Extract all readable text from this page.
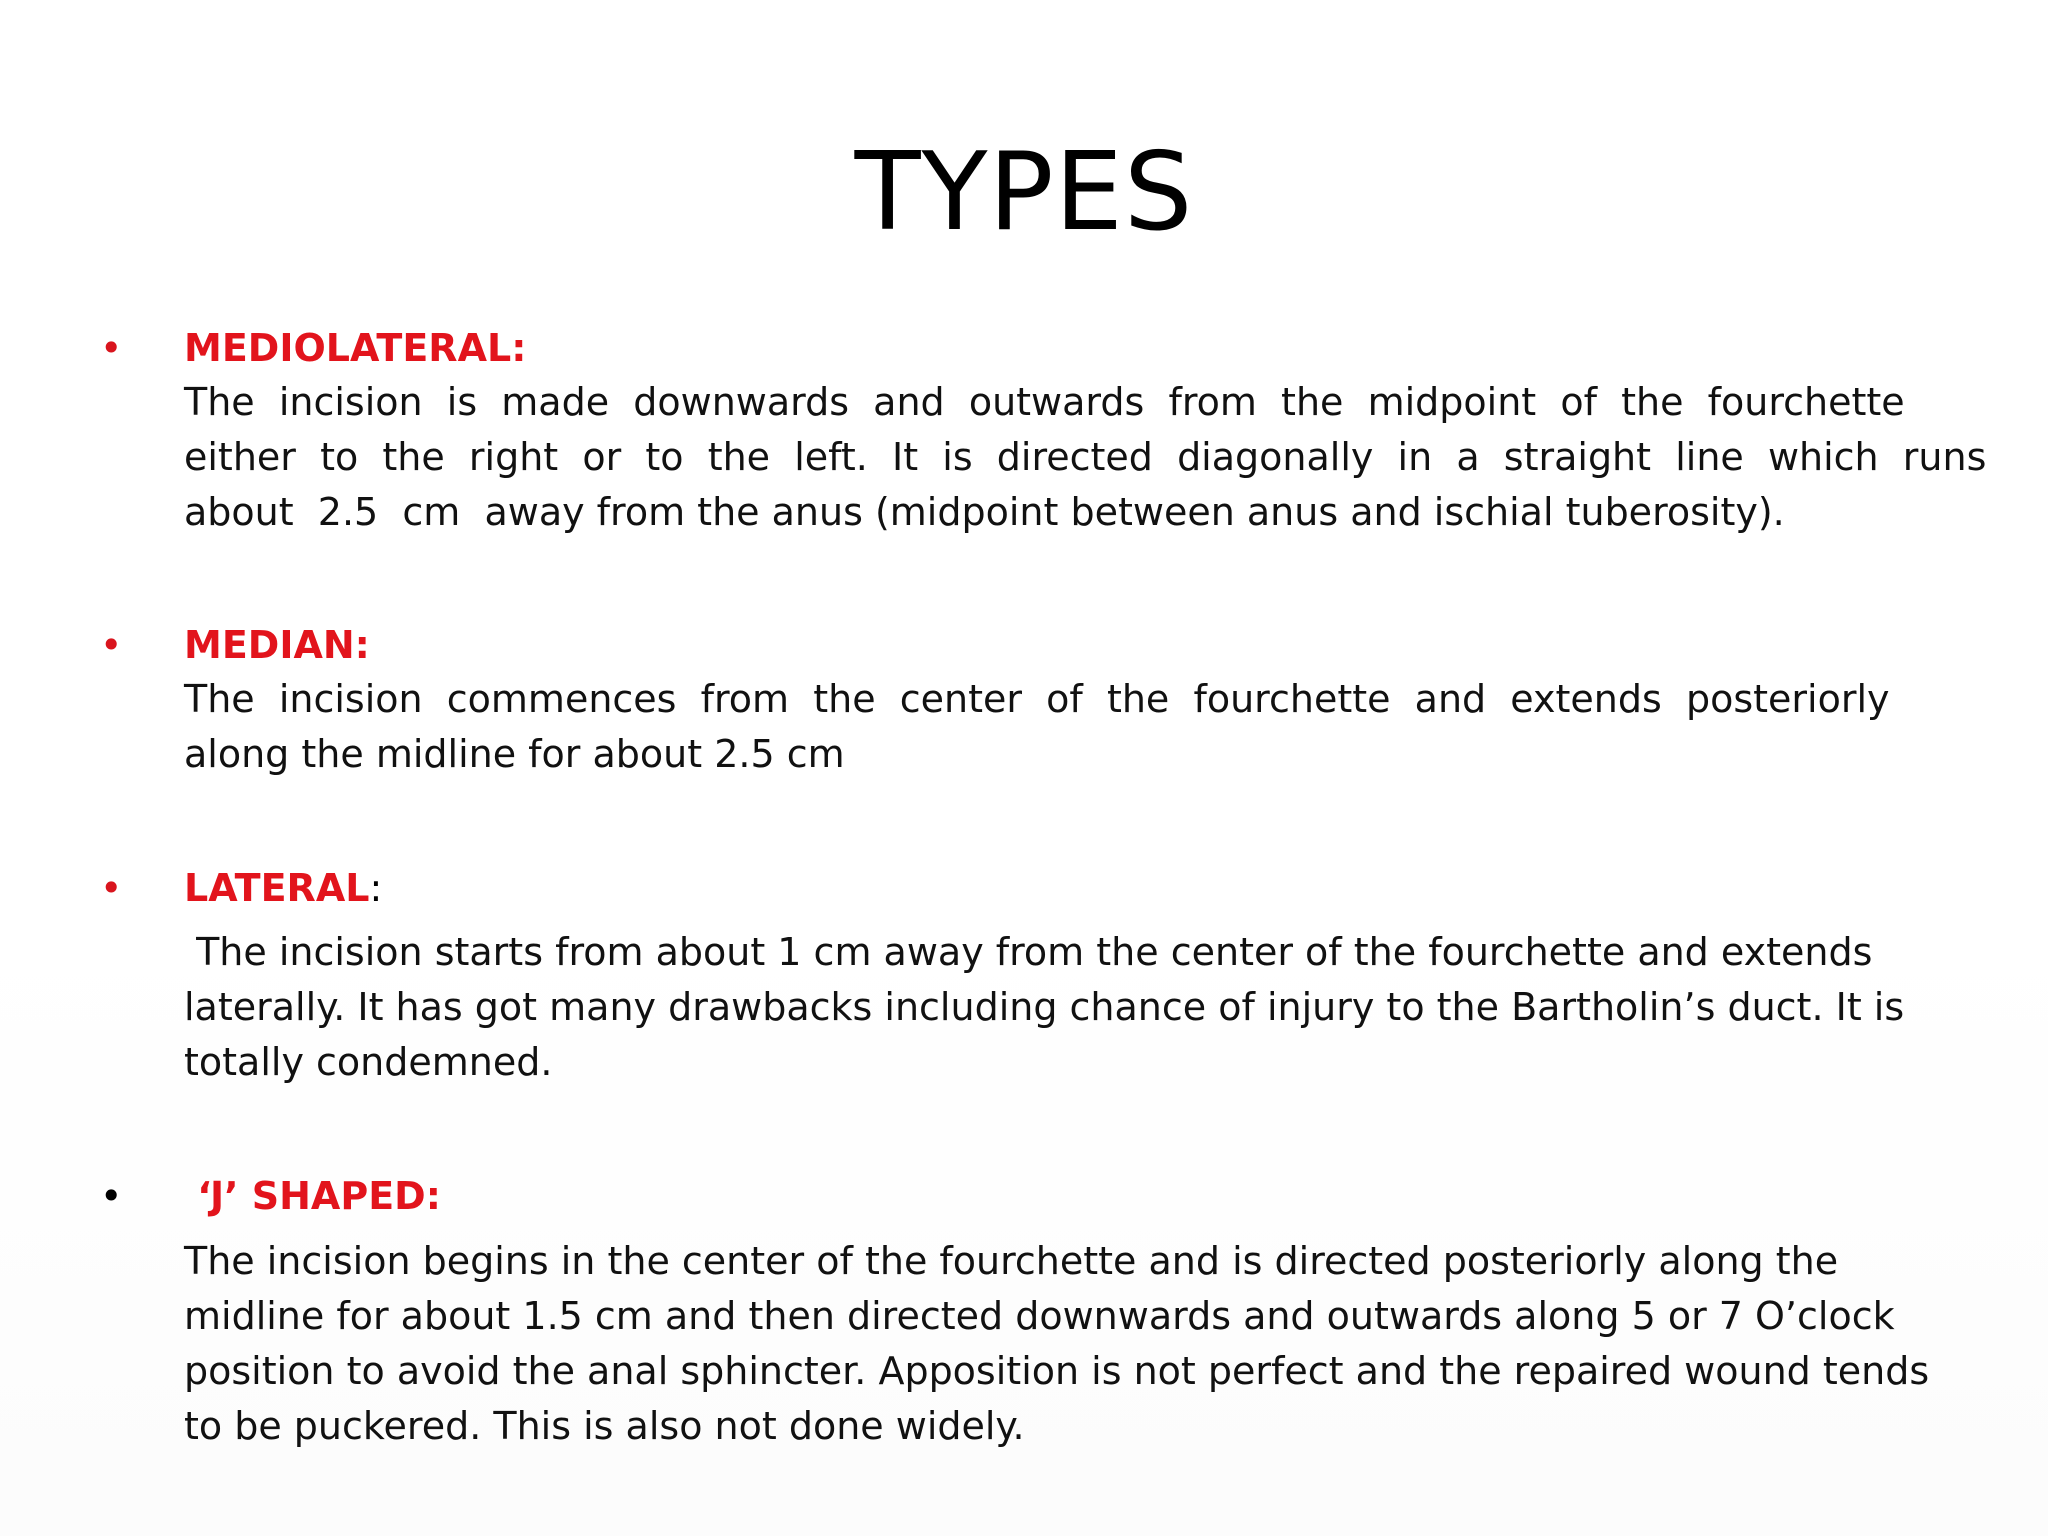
TYPES
• MEDIOLATERAL:
The  incision  is  made  downwards  and  outwards  from  the  midpoint  of  the  fourchette
either  to  the  right  or  to  the  left.  It  is  directed  diagonally  in  a  straight  line  which  runs
about  2.5  cm  away from the anus (midpoint between anus and ischial tuberosity).
• MEDIAN:
The  incision  commences  from  the  center  of  the  fourchette  and  extends  posteriorly
along the midline for about 2.5 cm
• LATERAL:
The incision starts from about 1 cm away from the center of the fourchette and extends
laterally. It has got many drawbacks including chance of injury to the Bartholin’s duct. It is
totally condemned.
• ‘J’ SHAPED:
The incision begins in the center of the fourchette and is directed posteriorly along the
midline for about 1.5 cm and then directed downwards and outwards along 5 or 7 O’clock
position to avoid the anal sphincter. Apposition is not perfect and the repaired wound tends
to be puckered. This is also not done widely.
